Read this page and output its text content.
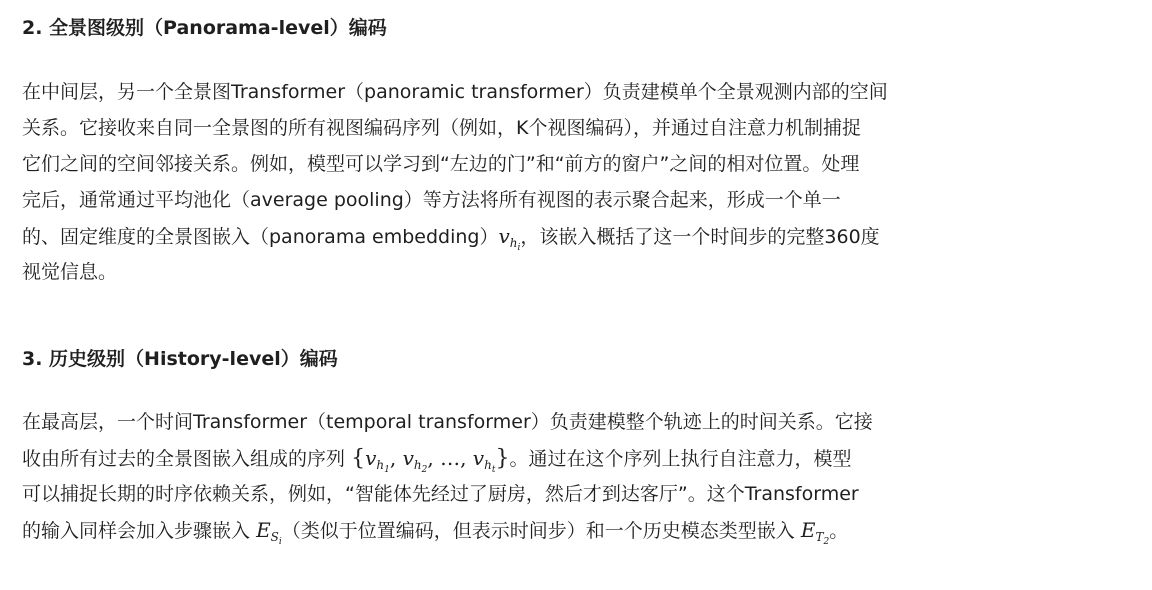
2. 全景图级别（Panorama-level）编码
在中间层，另一个全景图Transformer（panoramic transformer）负责建模单个全景观测内部的空间
关系。它接收来自同一全景图的所有视图编码序列（例如，K个视图编码），并通过自注意力机制捕捉
它们之间的空间邻接关系。例如，模型可以学习到“左边的门”和“前方的窗户”之间的相对位置。处理
完后，通常通过平均池化（average pooling）等方法将所有视图的表示聚合起来，形成一个单一
的、固定维度的全景图嵌入（panorama $embedding)v_{h_i}$，该嵌入概括了这一个时间步的完整360度
视觉信息。
3. 历史级别（History-level）编码
在最高层，一个时间Transformer（temporal transformer）负责建模整个轨迹上的时间关系。它接
收由所有过去的全景图嵌入组成的序列 {$v_{h_1}$, $v_{h_2}$, …, $v_{h_t}$}。通过在这个序列上执行自注意力，模型
可以捕捉长期的时序依赖关系，例如，“智能体先经过了厨房，然后才到达客厅”。这个Transformer
的输入同样会加入步骤嵌入 $E_{S_i}$（类似于位置编码，但表示时间步）和一个历史模态类型嵌入 $E_{T_2}$。
